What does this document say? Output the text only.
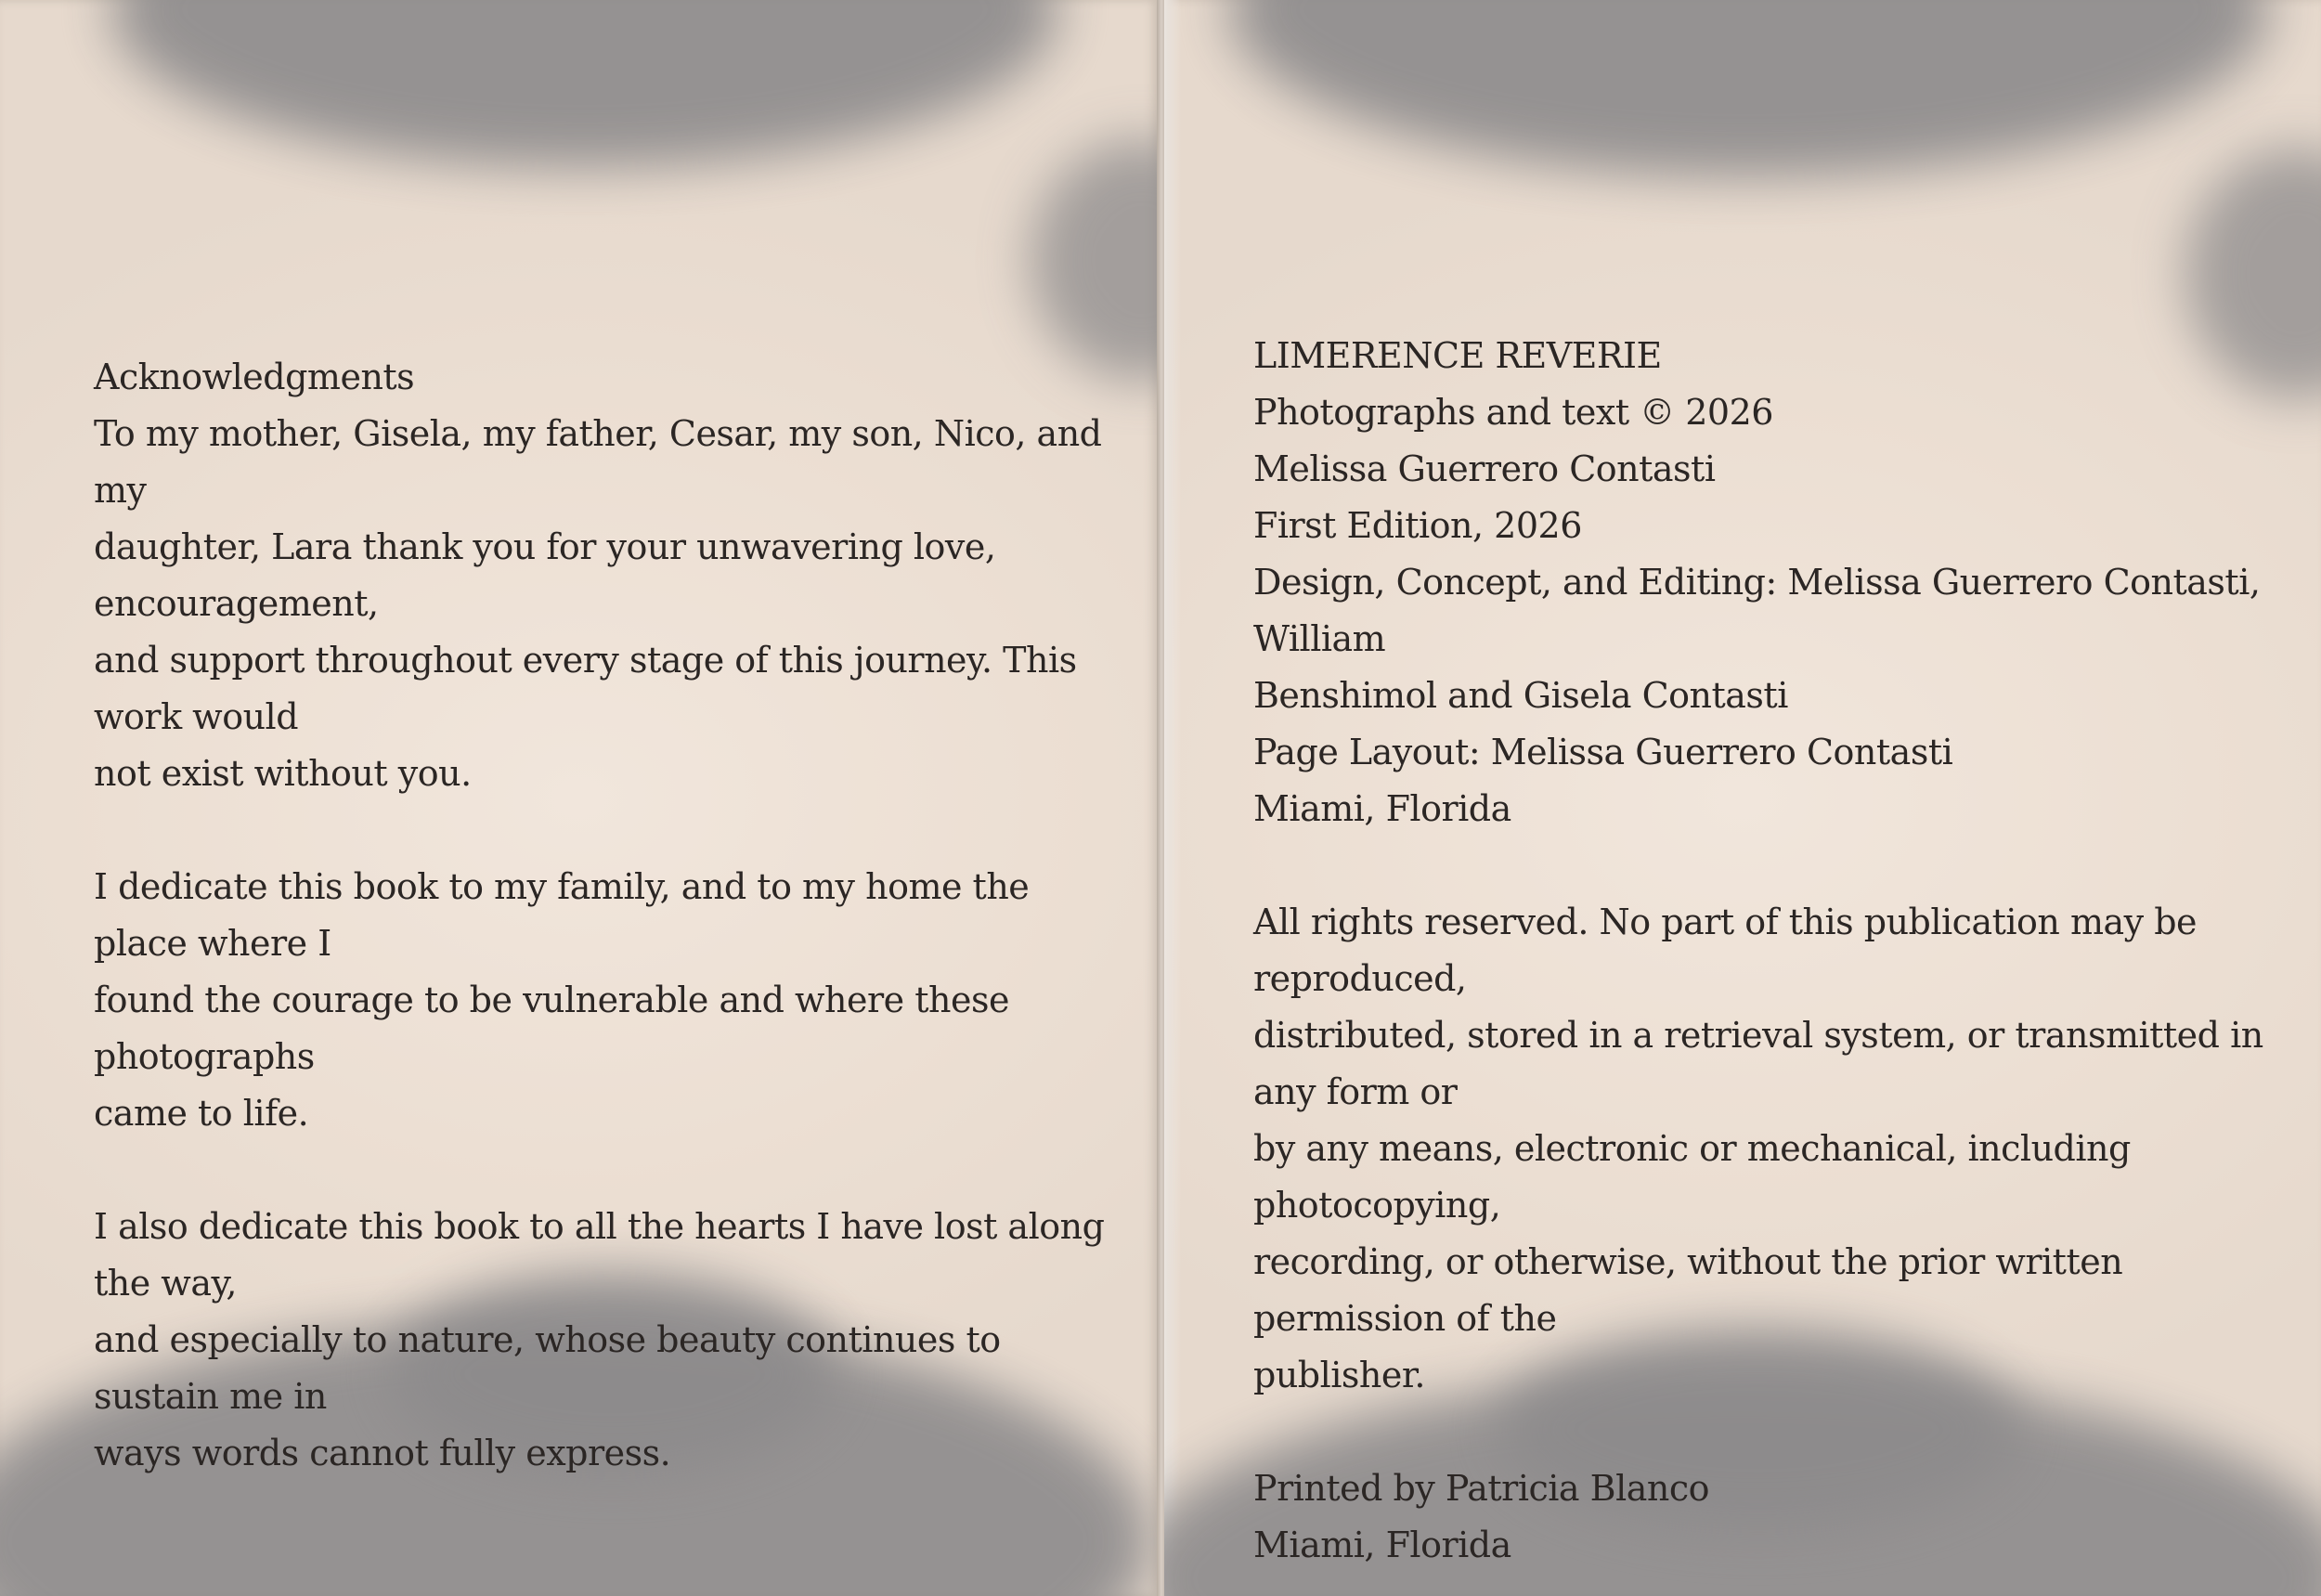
Acknowledgments

To my mother, Gisela, my father, Cesar, my son, Nico, and my
daughter, Lara thank you for your unwavering love, encouragement,
and support throughout every stage of this journey. This work would
not exist without you.

I dedicate this book to my family, and to my home the place where I
found the courage to be vulnerable and where these photographs
came to life.

I also dedicate this book to all the hearts I have lost along the way,
and especially to nature, whose beauty continues to sustain me in
ways words cannot fully express.

LIMERENCE REVERIE

Photographs and text © 2026

Melissa Guerrero Contasti

First Edition, 2026

Design, Concept, and Editing: Melissa Guerrero Contasti, William
Benshimol and Gisela Contasti

Page Layout: Melissa Guerrero Contasti

Miami, Florida

All rights reserved. No part of this publication may be reproduced,
distributed, stored in a retrieval system, or transmitted in any form or
by any means, electronic or mechanical, including photocopying,
recording, or otherwise, without the prior written permission of the
publisher.

Printed by Patricia Blanco

Miami, Florida
